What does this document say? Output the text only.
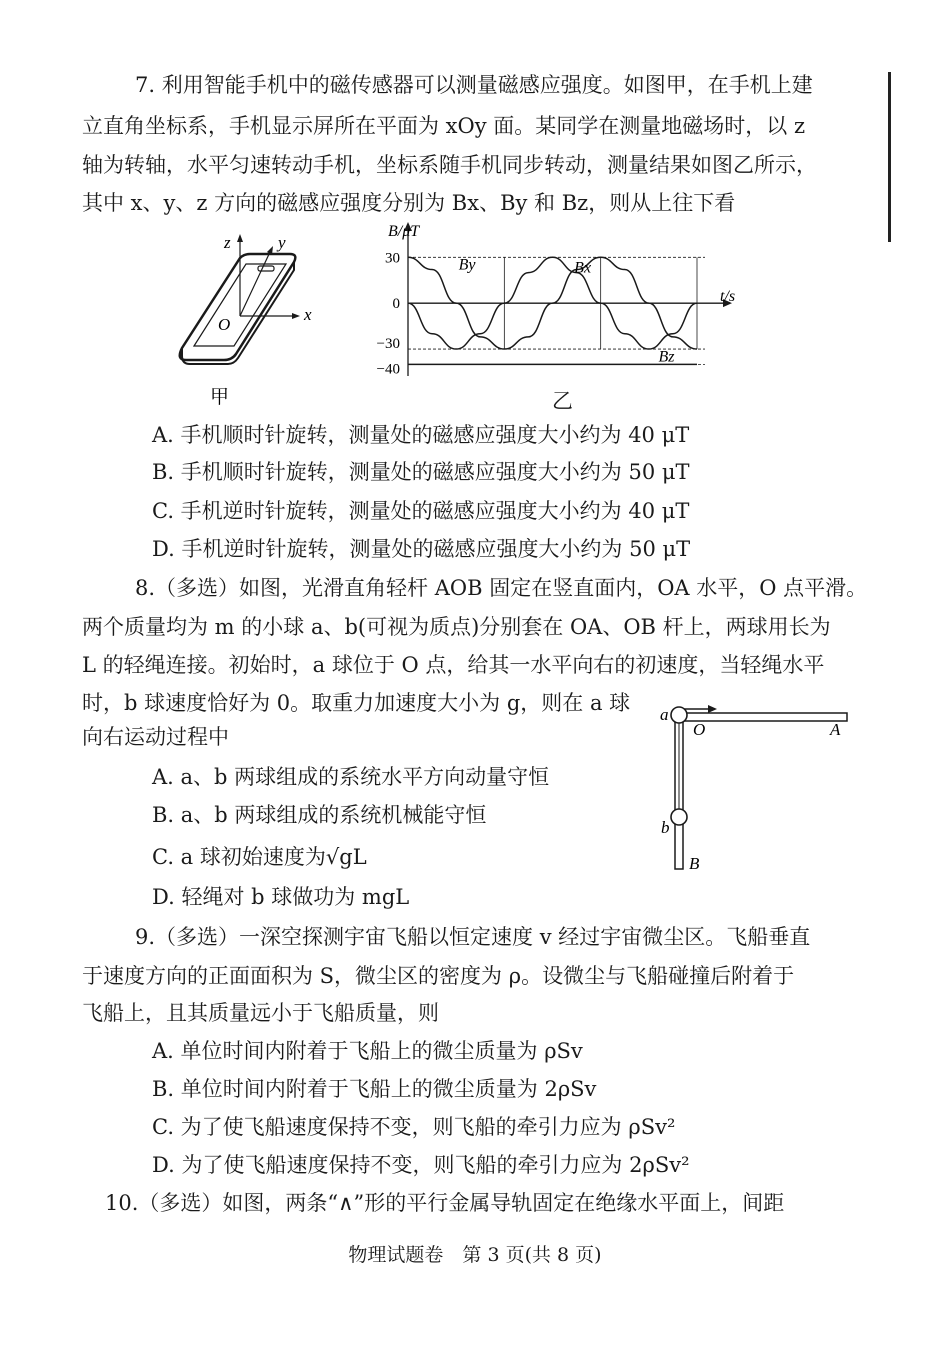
7. 利用智能手机中的磁传感器可以测量磁感应强度。如图甲，在手机上建
立直角坐标系，手机显示屏所在平面为 xOy 面。某同学在测量地磁场时，以 z
轴为转轴，水平匀速转动手机，坐标系随手机同步转动，测量结果如图乙所示，
其中 x、y、z 方向的磁感应强度分别为 Bx、By 和 Bz，则从上往下看
z	y
x
O
甲
B/μT
t/s
30
0
−30
−40
By	Bx
Bz
乙
A. 手机顺时针旋转，测量处的磁感应强度大小约为 40 μT
B. 手机顺时针旋转，测量处的磁感应强度大小约为 50 μT
C. 手机逆时针旋转，测量处的磁感应强度大小约为 40 μT
D. 手机逆时针旋转，测量处的磁感应强度大小约为 50 μT
8.（多选）如图，光滑直角轻杆 AOB 固定在竖直面内，OA 水平，O 点平滑。
两个质量均为 m 的小球 a、b(可视为质点)分别套在 OA、OB 杆上，两球用长为
L 的轻绳连接。初始时，a 球位于 O 点，给其一水平向右的初速度，当轻绳水平
时，b 球速度恰好为 0。取重力加速度大小为 g，则在 a 球
向右运动过程中
A. a、b 两球组成的系统水平方向动量守恒
B. a、b 两球组成的系统机械能守恒
C. a 球初始速度为√gL
D. 轻绳对 b 球做功为 mgL
a
O	A
b
B
9.（多选）一深空探测宇宙飞船以恒定速度 v 经过宇宙微尘区。飞船垂直
于速度方向的正面面积为 S，微尘区的密度为 ρ。设微尘与飞船碰撞后附着于
飞船上，且其质量远小于飞船质量，则
A. 单位时间内附着于飞船上的微尘质量为 ρSv
B. 单位时间内附着于飞船上的微尘质量为 2ρSv
C. 为了使飞船速度保持不变，则飞船的牵引力应为 ρSv²
D. 为了使飞船速度保持不变，则飞船的牵引力应为 2ρSv²
10.（多选）如图，两条“∧”形的平行金属导轨固定在绝缘水平面上，间距
物理试题卷　第 3 页(共 8 页)
